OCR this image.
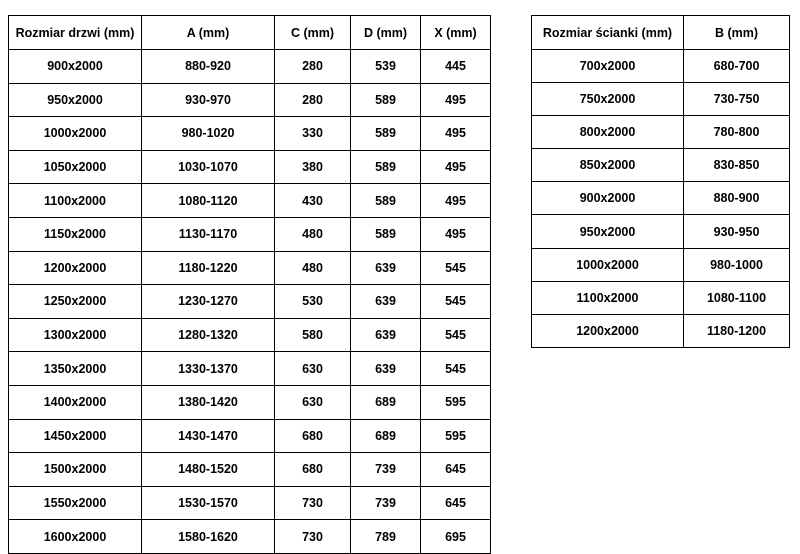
Rozmiar drzwi (mm)	A (mm)	C (mm)	D (mm)	X (mm)
900x2000	880-920	280	539	445
950x2000	930-970	280	589	495
1000x2000	980-1020	330	589	495
1050x2000	1030-1070	380	589	495
1100x2000	1080-1120	430	589	495
1150x2000	1130-1170	480	589	495
1200x2000	1180-1220	480	639	545
1250x2000	1230-1270	530	639	545
1300x2000	1280-1320	580	639	545
1350x2000	1330-1370	630	639	545
1400x2000	1380-1420	630	689	595
1450x2000	1430-1470	680	689	595
1500x2000	1480-1520	680	739	645
1550x2000	1530-1570	730	739	645
1600x2000	1580-1620	730	789	695
Rozmiar ścianki (mm)	B (mm)
700x2000	680-700
750x2000	730-750
800x2000	780-800
850x2000	830-850
900x2000	880-900
950x2000	930-950
1000x2000	980-1000
1100x2000	1080-1100
1200x2000	1180-1200
